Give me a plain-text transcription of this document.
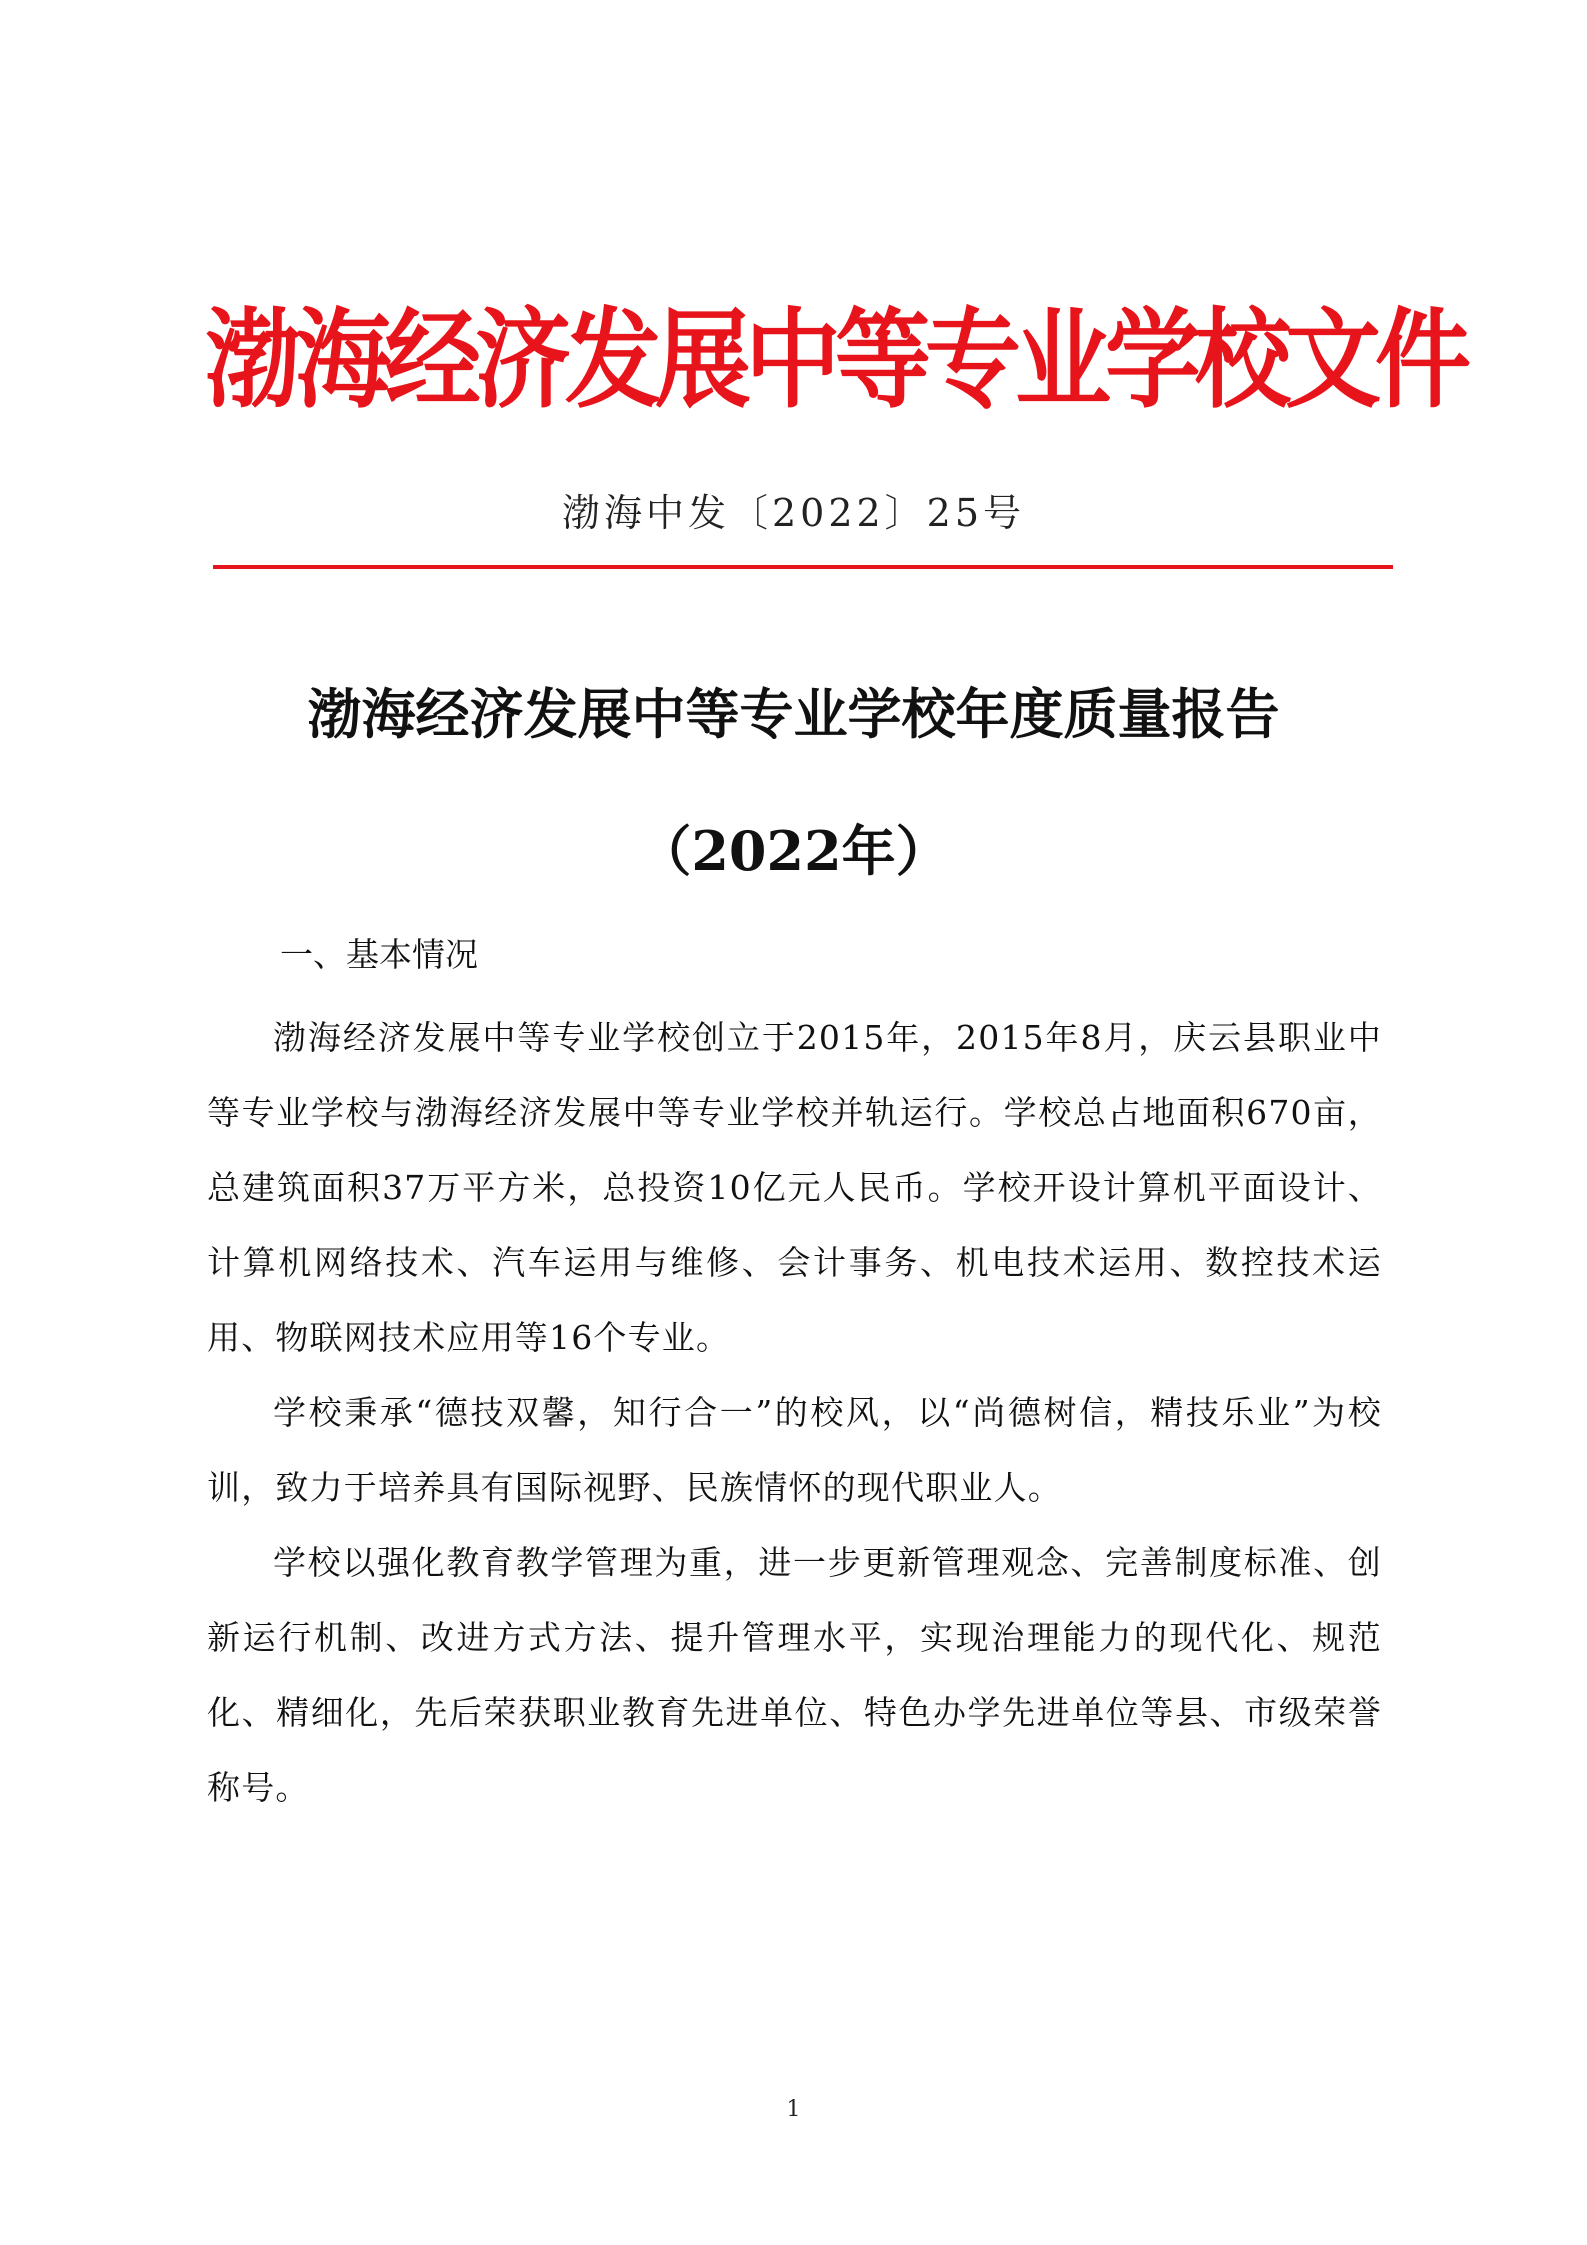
渤海经济发展中等专业学校文件
渤海中发〔2022〕25号
渤海经济发展中等专业学校年度质量报告
（2022年）
一、基本情况

渤海经济发展中等专业学校创立于2015年，2015年8月，庆云县职业中等专业学校与渤海经济发展中等专业学校并轨运行。学校总占地面积670亩，总建筑面积37万平方米，总投资10亿元人民币。学校开设计算机平面设计、计算机网络技术、汽车运用与维修、会计事务、机电技术运用、数控技术运用、物联网技术应用等16个专业。

学校秉承“德技双馨，知行合一”的校风，以“尚德树信，精技乐业”为校训，致力于培养具有国际视野、民族情怀的现代职业人。

学校以强化教育教学管理为重，进一步更新管理观念、完善制度标准、创新运行机制、改进方式方法、提升管理水平，实现治理能力的现代化、规范化、精细化，先后荣获职业教育先进单位、特色办学先进单位等县、市级荣誉称号。

1
